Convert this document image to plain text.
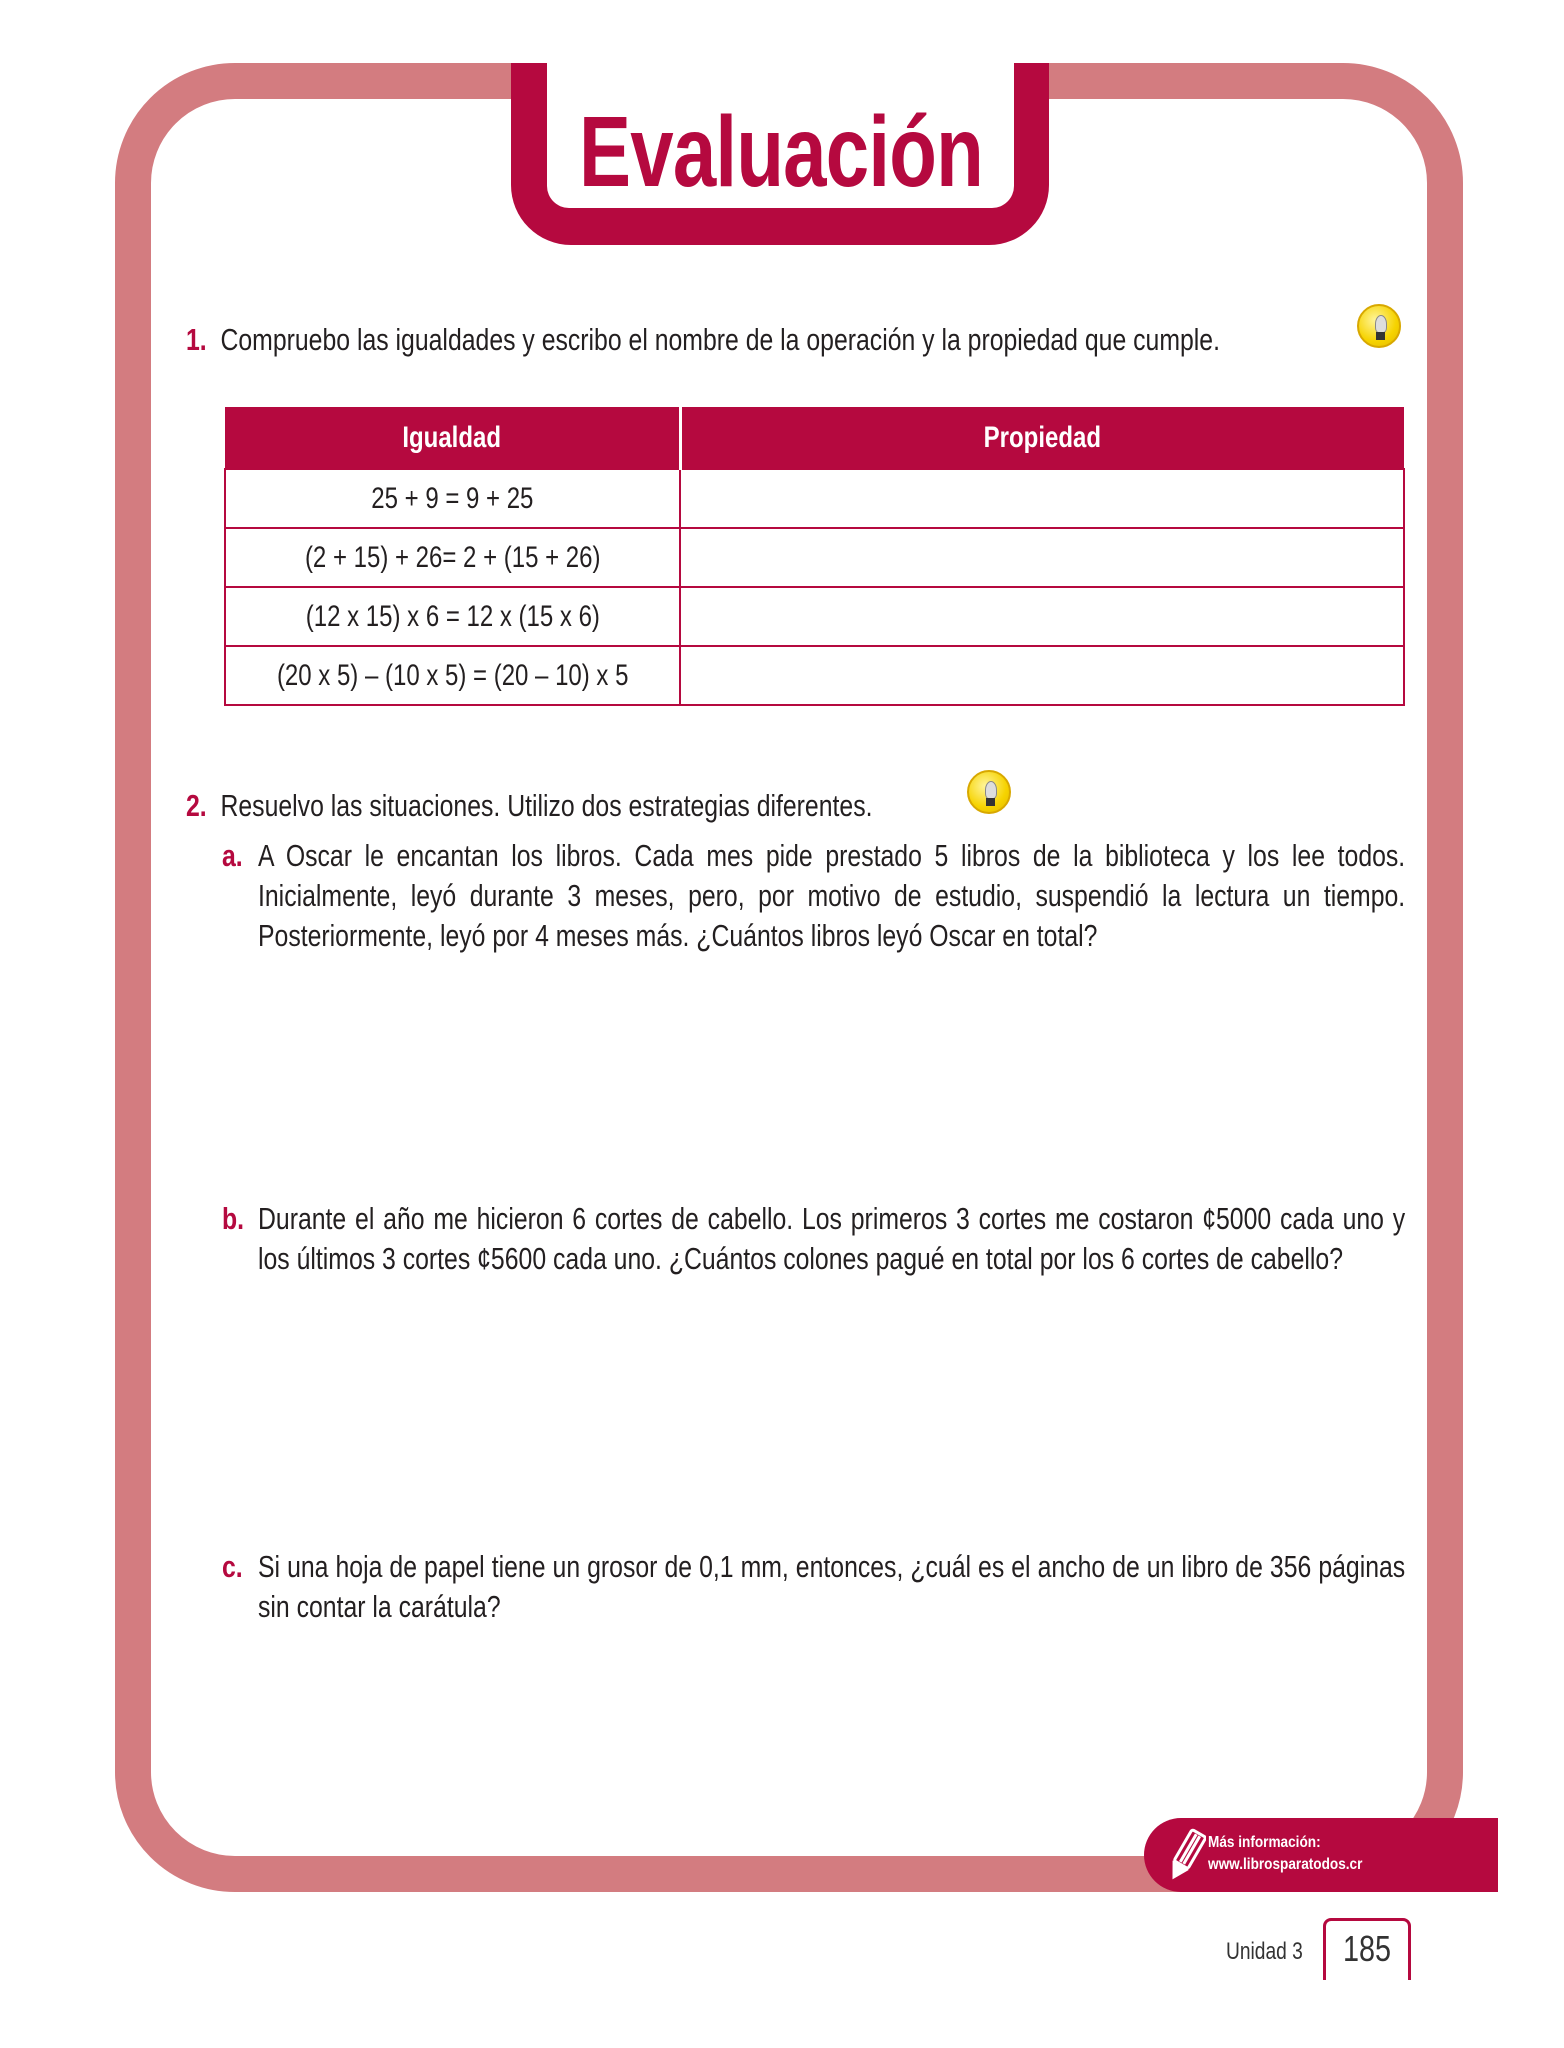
Evaluación
1. Compruebo las igualdades y escribo el nombre de la operación y la propiedad que cumple.
Igualdad	Propiedad
25 + 9 = 9 + 25	
(2 + 15) + 26= 2 + (15 + 26)	
(12 x 15) x 6 = 12 x (15 x 6)	
(20 x 5) – (10 x 5) = (20 – 10) x 5	
2. Resuelvo las situaciones. Utilizo dos estrategias diferentes.
a. A Oscar le encantan los libros. Cada mes pide prestado 5 libros de la biblioteca y los lee todos. Inicialmente, leyó durante 3 meses, pero, por motivo de estudio, suspendió la lectura un tiempo. Posteriormente, leyó por 4 meses más. ¿Cuántos libros leyó Oscar en total?
b. Durante el año me hicieron 6 cortes de cabello. Los primeros 3 cortes me costaron ¢5000 cada uno y los últimos 3 cortes ¢5600 cada uno. ¿Cuántos colones pagué en total por los 6 cortes de cabello?
c. Si una hoja de papel tiene un grosor de 0,1 mm, entonces, ¿cuál es el ancho de un libro de 356 páginas sin contar la carátula?
Más información:
www.librosparatodos.cr
Unidad 3	185
